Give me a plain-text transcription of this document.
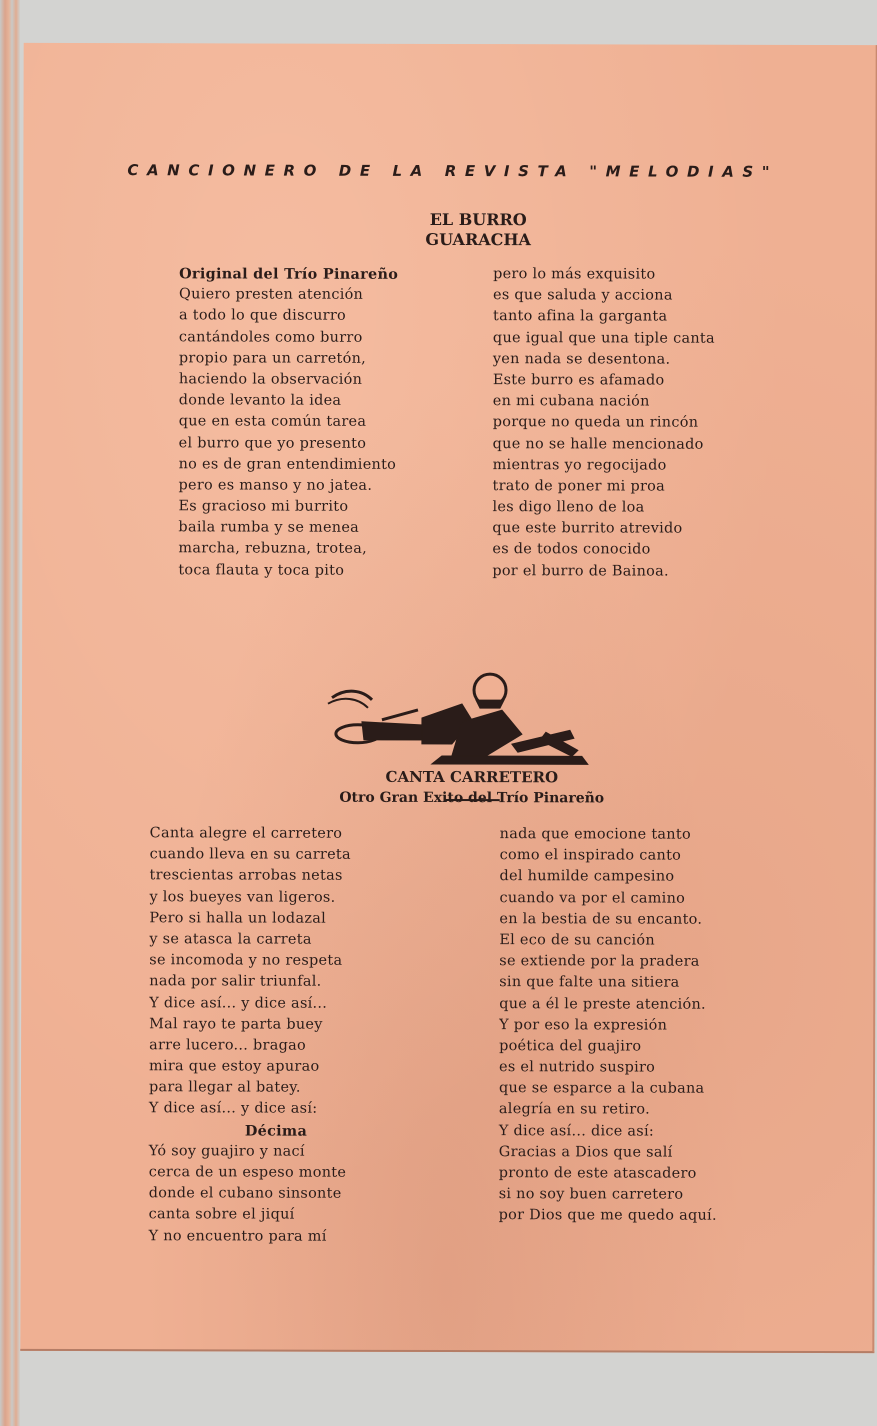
CANCIONERO DE LA REVISTA "MELODIAS"
EL BURRO
GUARACHA
Original del Trío Pinareño
Quiero presten atención
a todo lo que discurro
cantándoles como burro
propio para un carretón,
haciendo la observación
donde levanto la idea
que en esta común tarea
el burro que yo presento
no es de gran entendimiento
pero es manso y no jatea.
Es gracioso mi burrito
baila rumba y se menea
marcha, rebuzna, trotea,
toca flauta y toca pito
pero lo más exquisito
es que saluda y acciona
tanto afina la garganta
que igual que una tiple canta
yen nada se desentona.
Este burro es afamado
en mi cubana nación
porque no queda un rincón
que no se halle mencionado
mientras yo regocijado
trato de poner mi proa
les digo lleno de loa
que este burrito atrevido
es de todos conocido
por el burro de Bainoa.
CANTA CARRETERO
Otro Gran Exito del Trío Pinareño
Canta alegre el carretero
cuando lleva en su carreta
trescientas arrobas netas
y los bueyes van ligeros.
Pero si halla un lodazal
y se atasca la carreta
se incomoda y no respeta
nada por salir triunfal.
Y dice así... y dice así...
Mal rayo te parta buey
arre lucero... bragao
mira que estoy apurao
para llegar al batey.
Y dice así... y dice así:
Décima
Yó soy guajiro y nací
cerca de un espeso monte
donde el cubano sinsonte
canta sobre el jiquí
Y no encuentro para mí
nada que emocione tanto
como el inspirado canto
del humilde campesino
cuando va por el camino
en la bestia de su encanto.
El eco de su canción
se extiende por la pradera
sin que falte una sitiera
que a él le preste atención.
Y por eso la expresión
poética del guajiro
es el nutrido suspiro
que se esparce a la cubana
alegría en su retiro.
Y dice así... dice así:
Gracias a Dios que salí
pronto de este atascadero
si no soy buen carretero
por Dios que me quedo aquí.
